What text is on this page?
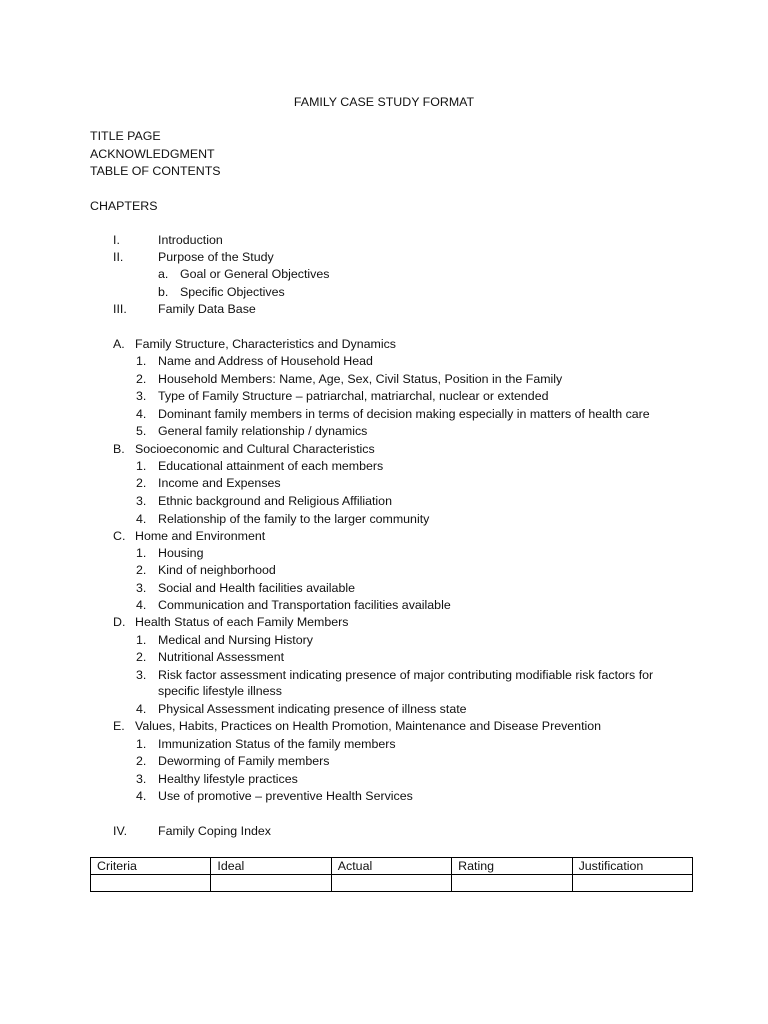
FAMILY CASE STUDY FORMAT
TITLE PAGE
ACKNOWLEDGMENT
TABLE OF CONTENTS
CHAPTERS
I.	Introduction
II.	Purpose of the Study
a. Goal or General Objectives
b. Specific Objectives
III.	Family Data Base
A. Family Structure, Characteristics and Dynamics
1. Name and Address of Household Head
2. Household Members: Name, Age, Sex, Civil Status, Position in the Family
3. Type of Family Structure – patriarchal, matriarchal, nuclear or extended
4. Dominant family members in terms of decision making especially in matters of health care
5. General family relationship / dynamics
B. Socioeconomic and Cultural Characteristics
1. Educational attainment of each members
2. Income and Expenses
3. Ethnic background and Religious Affiliation
4. Relationship of the family to the larger community
C. Home and Environment
1. Housing
2. Kind of neighborhood
3. Social and Health facilities available
4. Communication and Transportation facilities available
D. Health Status of each Family Members
1. Medical and Nursing History
2. Nutritional Assessment
3. Risk factor assessment indicating presence of major contributing modifiable risk factors for
specific lifestyle illness
4. Physical Assessment indicating presence of illness state
E. Values, Habits, Practices on Health Promotion, Maintenance and Disease Prevention
1. Immunization Status of the family members
2. Deworming of Family members
3. Healthy lifestyle practices
4. Use of promotive – preventive Health Services
IV. Family Coping Index
Criteria	Ideal	Actual	Rating	Justification
